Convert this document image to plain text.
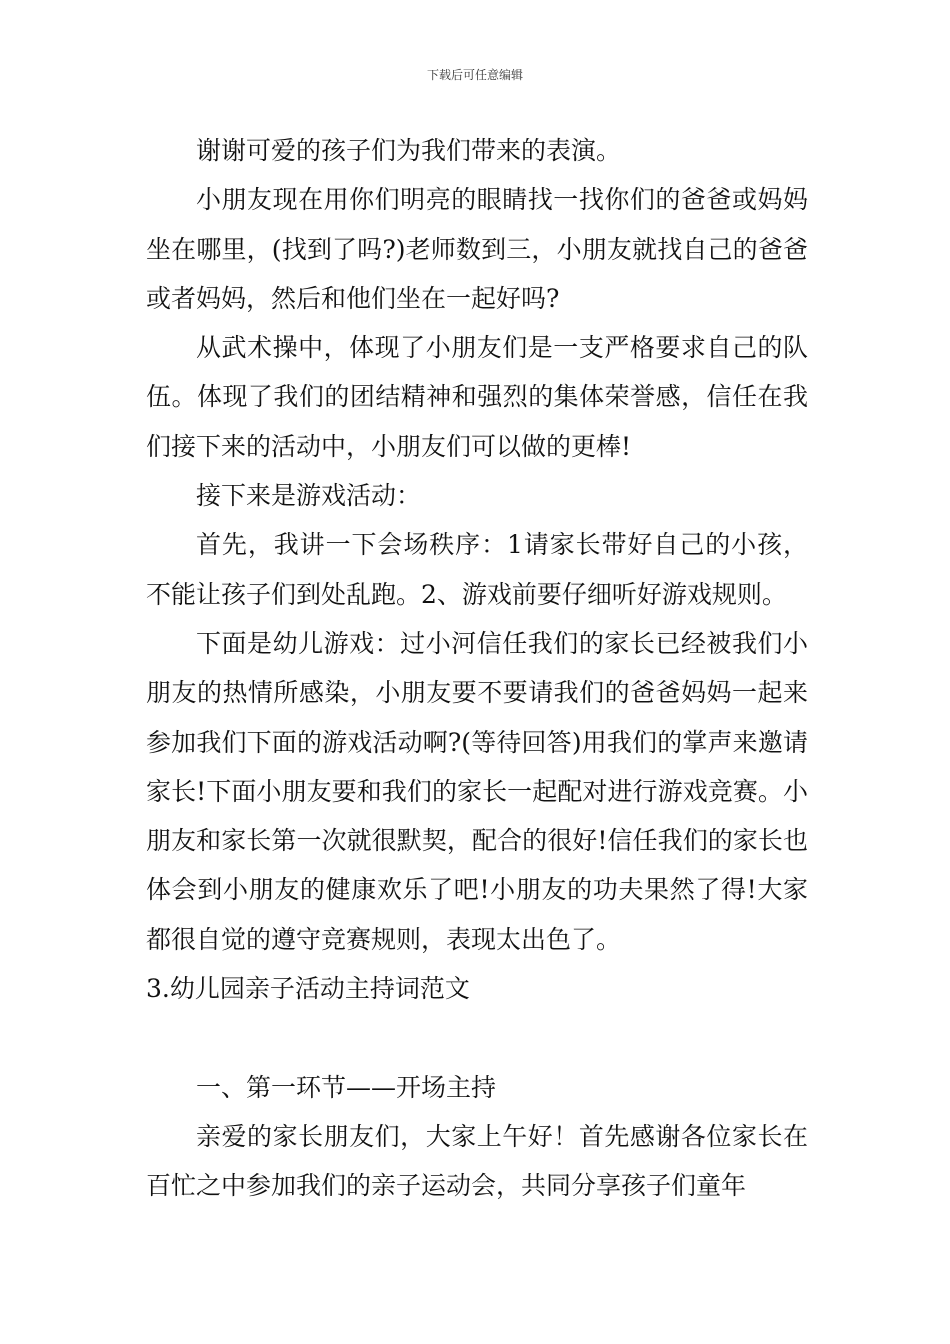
下载后可任意编辑

谢谢可爱的孩子们为我们带来的表演。

小朋友现在用你们明亮的眼睛找一找你们的爸爸或妈妈坐在哪里，(找到了吗?)老师数到三，小朋友就找自己的爸爸或者妈妈，然后和他们坐在一起好吗?

从武术操中，体现了小朋友们是一支严格要求自己的队伍。体现了我们的团结精神和强烈的集体荣誉感，信任在我们接下来的活动中，小朋友们可以做的更棒!

接下来是游戏活动：

首先，我讲一下会场秩序：1请家长带好自己的小孩，不能让孩子们到处乱跑。2、游戏前要仔细听好游戏规则。

下面是幼儿游戏：过小河信任我们的家长已经被我们小朋友的热情所感染，小朋友要不要请我们的爸爸妈妈一起来参加我们下面的游戏活动啊?(等待回答)用我们的掌声来邀请家长!下面小朋友要和我们的家长一起配对进行游戏竞赛。小朋友和家长第一次就很默契，配合的很好!信任我们的家长也体会到小朋友的健康欢乐了吧!小朋友的功夫果然了得!大家都很自觉的遵守竞赛规则，表现太出色了。

3.幼儿园亲子活动主持词范文

一、第一环节——开场主持

亲爱的家长朋友们，大家上午好！首先感谢各位家长在百忙之中参加我们的亲子运动会，共同分享孩子们童年
